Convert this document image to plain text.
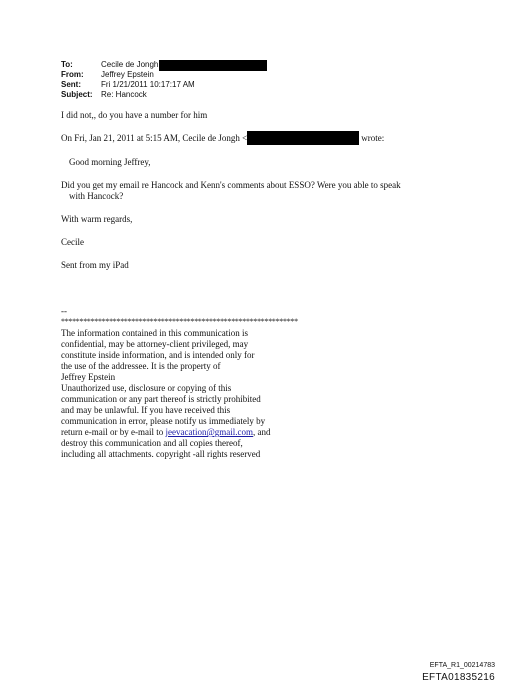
To:	Cecile de Jongh
From:	Jeffrey Epstein
Sent:	Fri 1/21/2011 10:17:17 AM
Subject:	Re: Hancock
I did not,, do you have a number for him
On Fri, Jan 21, 2011 at 5:15 AM, Cecile de Jongh <	wrote:
Good morning Jeffrey,
Did you get my email re Hancock and Kenn's comments about ESSO? Were you able to speak
with Hancock?
With warm regards,
Cecile
Sent from my iPad
--
****************************************************************
The information contained in this communication is
confidential, may be attorney-client privileged, may
constitute inside information, and is intended only for
the use of the addressee. It is the property of
Jeffrey Epstein
Unauthorized use, disclosure or copying of this
communication or any part thereof is strictly prohibited
and may be unlawful. If you have received this
communication in error, please notify us immediately by
return e-mail or by e-mail to jeevacation@gmail.com, and
destroy this communication and all copies thereof,
including all attachments. copyright -all rights reserved
EFTA_R1_00214783
EFTA01835216
